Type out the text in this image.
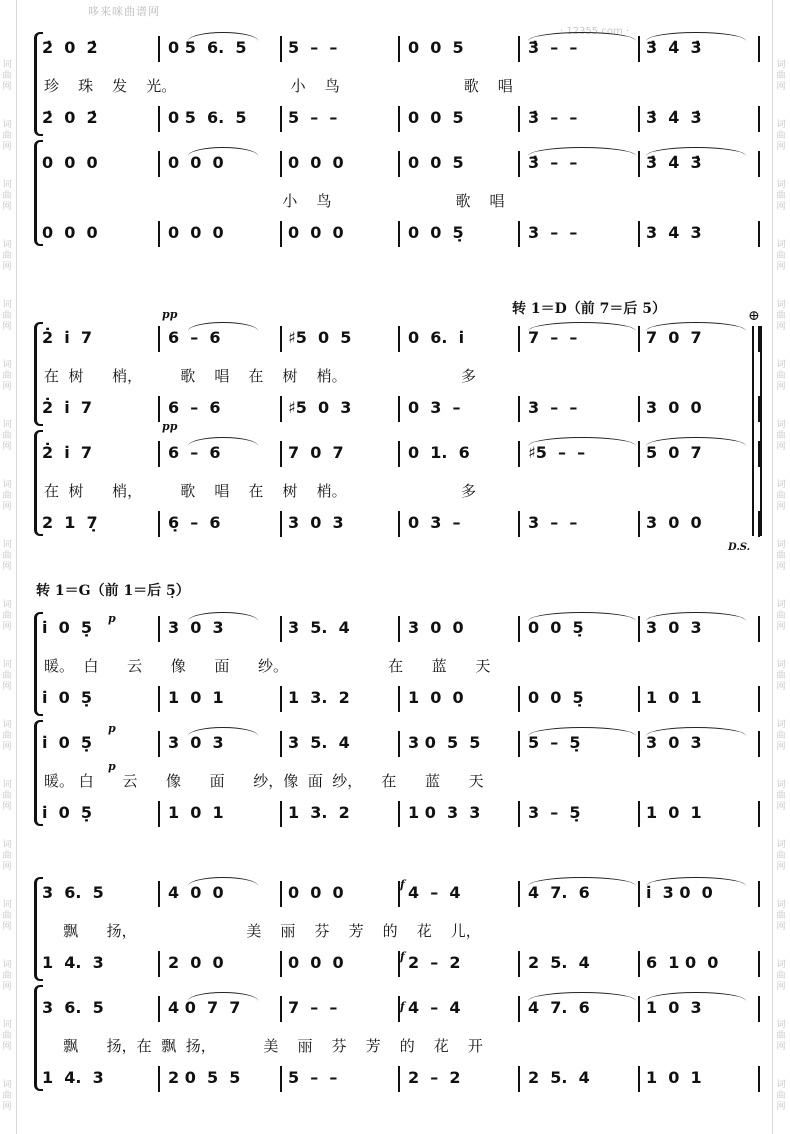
哆来咪曲谱网
· 12355.com ·
词
曲
网
词
曲
网
词
曲
网
词
曲
网
词
曲
网
词
曲
网
词
曲
网
词
曲
网
词
曲
网
词
曲
网
词
曲
网
词
曲
网
词
曲
网
词
曲
网
词
曲
网
词
曲
网
词
曲
网
词
曲
网
词
曲
网
词
曲
网
词
曲
网
词
曲
网
词
曲
网
词
曲
网
词
曲
网
词
曲
网
词
曲
网
词
曲
网
词
曲
网
词
曲
网
词
曲
网
词
曲
网
词
曲
网
词
曲
网
词
曲
网
词
曲
网
2̇  0  2̇	0 5  6.  5	5  –  –	0  0  5	3̇  –  –	3̇  4̇  3̇
珍    珠    发    光。                        小    鸟                          歌    唱
2̇  0  2̇	0 5  6.  5	5  –  –	0  0  5	3̇  –  –	3̇  4̇  3̇
0  0  0	0  0  0	0  0  0	0  0  5	3̇  –  –	3̇  4̇  3̇
小    鸟                          歌    唱
0  0  0	0  0  0	0  0  0	0  0  5̣	3  –  –	3  4  3
转 1＝D（前 7＝后 5）
2̇  i̇  7	6  –  6	♯5  0  5	0  6.  i̇	7  –  –	7  0  7
在  树      梢，        歌    唱    在    树    梢。                        多
2̇  i̇  7	6  –  6	♯5  0  3	0  3  –	3  –  –	3  0  0
2̇  i̇  7	6  –  6	7  0  7	0  1.  6	♯5  –  –	5  0  7
在  树      梢，        歌    唱    在    树    梢。                        多
2  1  7̣	6̣  –  6	3  0  3	0  3  –	3  –  –	3  0  0
D.S.
⊕
转 1＝G（前 1＝后 5̣）
i̇  0  5̣	3  0  3	3  5.  4	3  0  0	0  0  5̣	3  0  3
暖。  白      云      像      面      纱。                     在      蓝      天
i̇  0  5̣	1  0  1	1  3.  2	1  0  0	0  0  5̣	1  0  1
i̇  0  5̣	3  0  3	3  5.  4	3 0  5  5	5  –  5̣	3  0  3
暖。 白      云      像      面      纱，像  面  纱，    在      蓝      天
i̇  0  5̣	1  0  1	1  3.  2	1 0  3  3	3  –  5̣	1  0  1
3  6.  5	4  0  0	0  0  0	4  –  4	4  7.  6	i̇  3 0  0
飘      扬，                       美    丽    芬    芳    的    花    儿，
1  4.  3	2  0  0	0  0  0	2  –  2	2  5.  4	6  1 0  0
3  6.  5	4 0  7  7	7  –  –	4  –  4	4  7.  6	1  0  3
飘      扬，在  飘  扬，          美    丽    芬    芳    的    花    开
1  4.  3	2 0  5  5	5  –  –	2  –  2	2  5.  4	1  0  1
pp
pp
p
p
p
f
f
f
